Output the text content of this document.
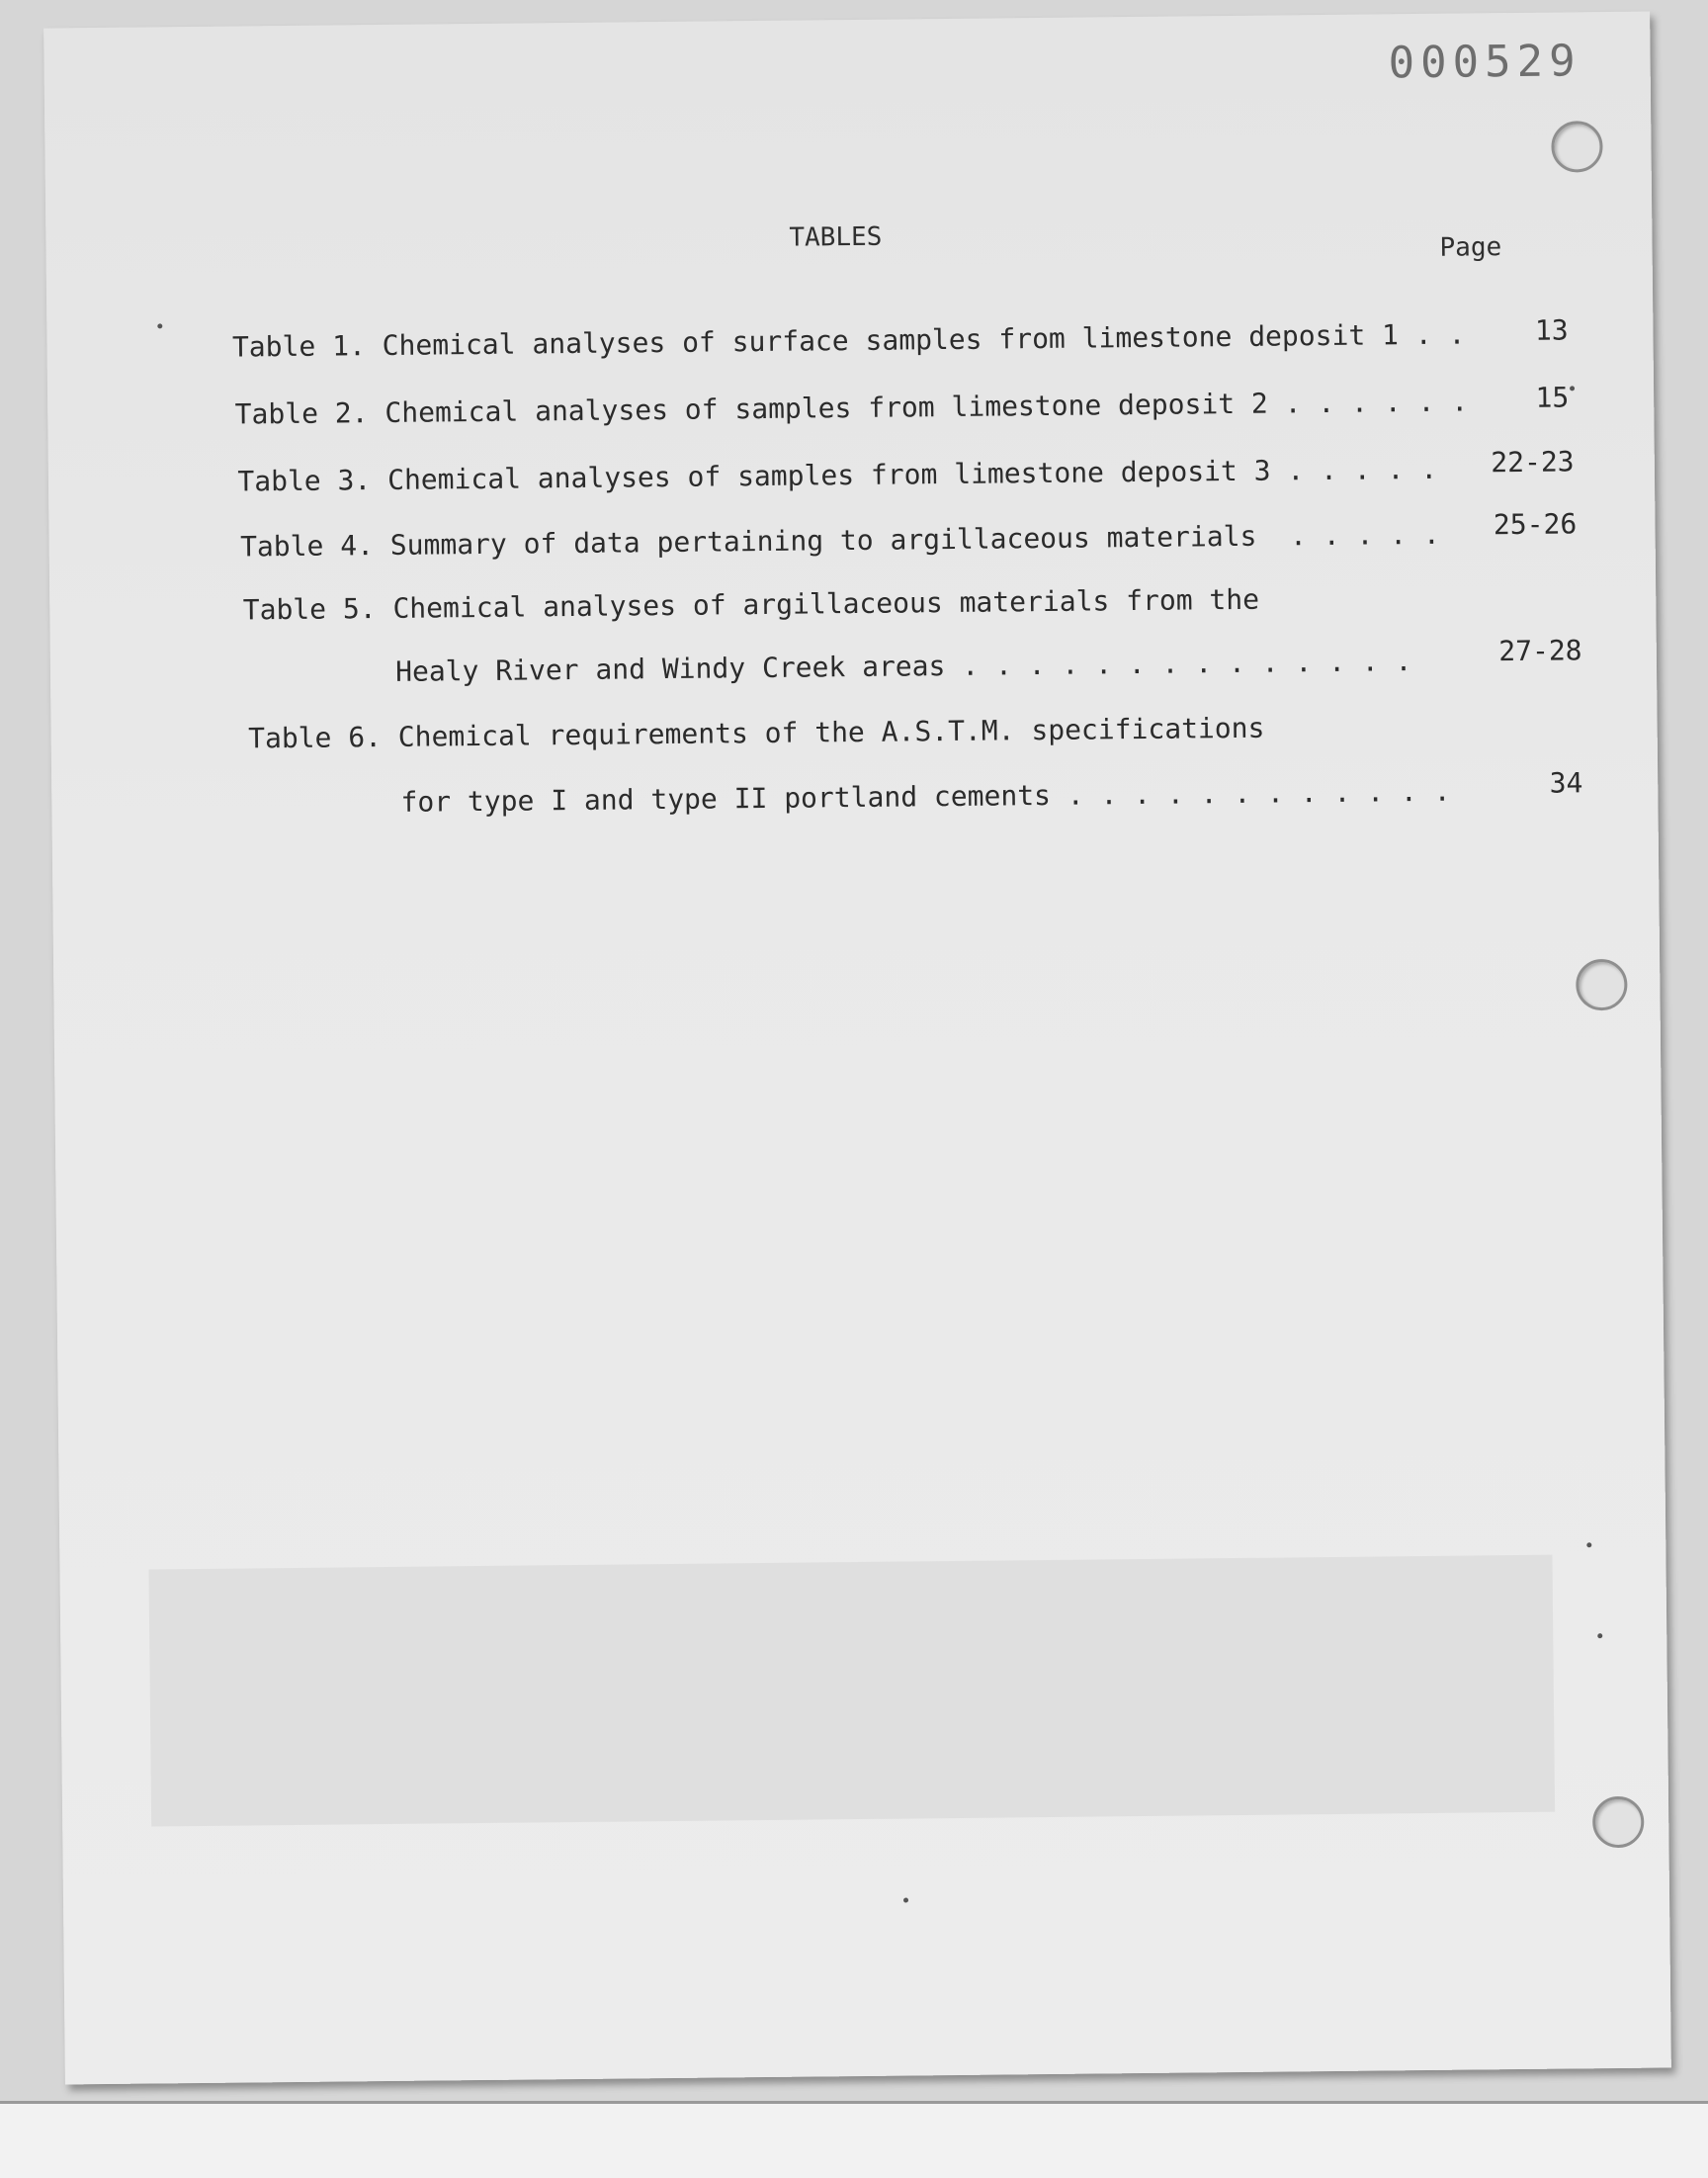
000529
TABLES	Page

Table 1. Chemical analyses of surface samples from limestone deposit 1 . .
	13

Table 2. Chemical analyses of samples from limestone deposit 2 . . . . . .
	15

Table 3. Chemical analyses of samples from limestone deposit 3 . . . . .
	22-23

Table 4. Summary of data pertaining to argillaceous materials  . . . . .
	25-26

Table 5. Chemical analyses of argillaceous materials from the

Healy River and Windy Creek areas . . . . . . . . . . . . . .
	27-28

Table 6. Chemical requirements of the A.S.T.M. specifications

for type I and type II portland cements . . . . . . . . . . . .
	34
